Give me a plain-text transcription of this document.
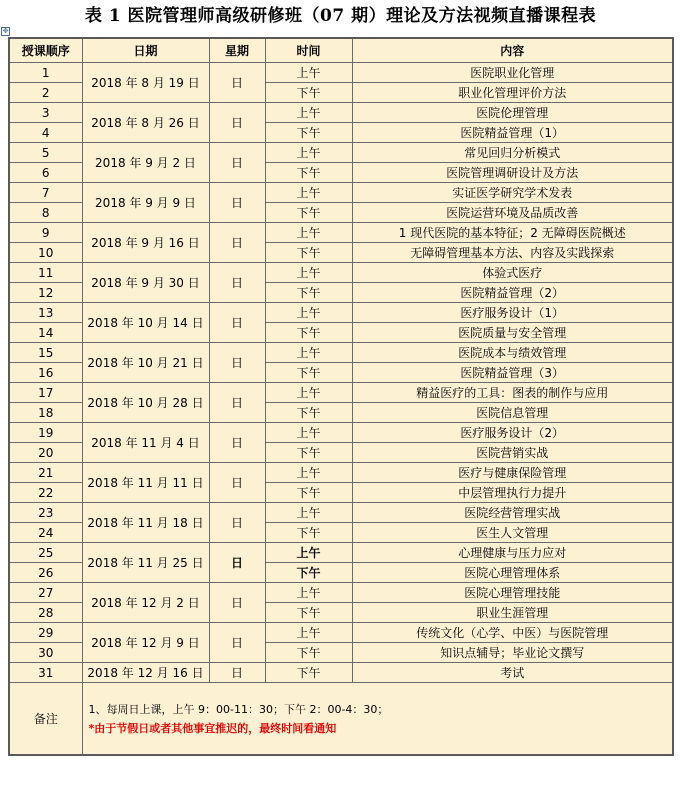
表 1 医院管理师高级研修班（07 期）理论及方法视频直播课程表
✥
授课顺序	日期	星期	时间	内容
1	2018 年 8 月 19 日	日	上午	医院职业化管理
2			下午	职业化管理评价方法
3	2018 年 8 月 26 日	日	上午	医院伦理管理
4			下午	医院精益管理（1）
5	2018 年 9 月 2 日	日	上午	常见回归分析模式
6			下午	医院管理调研设计及方法
7	2018 年 9 月 9 日	日	上午	实证医学研究学术发表
8			下午	医院运营环境及品质改善
9	2018 年 9 月 16 日	日	上午	1 现代医院的基本特征；2 无障碍医院概述
10			下午	无障碍管理基本方法、内容及实践探索
11	2018 年 9 月 30 日	日	上午	体验式医疗
12			下午	医院精益管理（2）
13	2018 年 10 月 14 日	日	上午	医疗服务设计（1）
14			下午	医院质量与安全管理
15	2018 年 10 月 21 日	日	上午	医院成本与绩效管理
16			下午	医院精益管理（3）
17	2018 年 10 月 28 日	日	上午	精益医疗的工具：图表的制作与应用
18			下午	医院信息管理
19	2018 年 11 月 4 日	日	上午	医疗服务设计（2）
20			下午	医院营销实战
21	2018 年 11 月 11 日	日	上午	医疗与健康保险管理
22			下午	中层管理执行力提升
23	2018 年 11 月 18 日	日	上午	医院经营管理实战
24			下午	医生人文管理
25	2018 年 11 月 25 日	日	上午	心理健康与压力应对
26			下午	医院心理管理体系
27	2018 年 12 月 2 日	日	上午	医院心理管理技能
28			下午	职业生涯管理
29	2018 年 12 月 9 日	日	上午	传统文化（心学、中医）与医院管理
30			下午	知识点辅导；毕业论文撰写
31	2018 年 12 月 16 日	日	下午	考试
备注	1、每周日上课，上午 9：00-11：30；下午 2：00-4：30；
*由于节假日或者其他事宜推迟的，最终时间看通知			
